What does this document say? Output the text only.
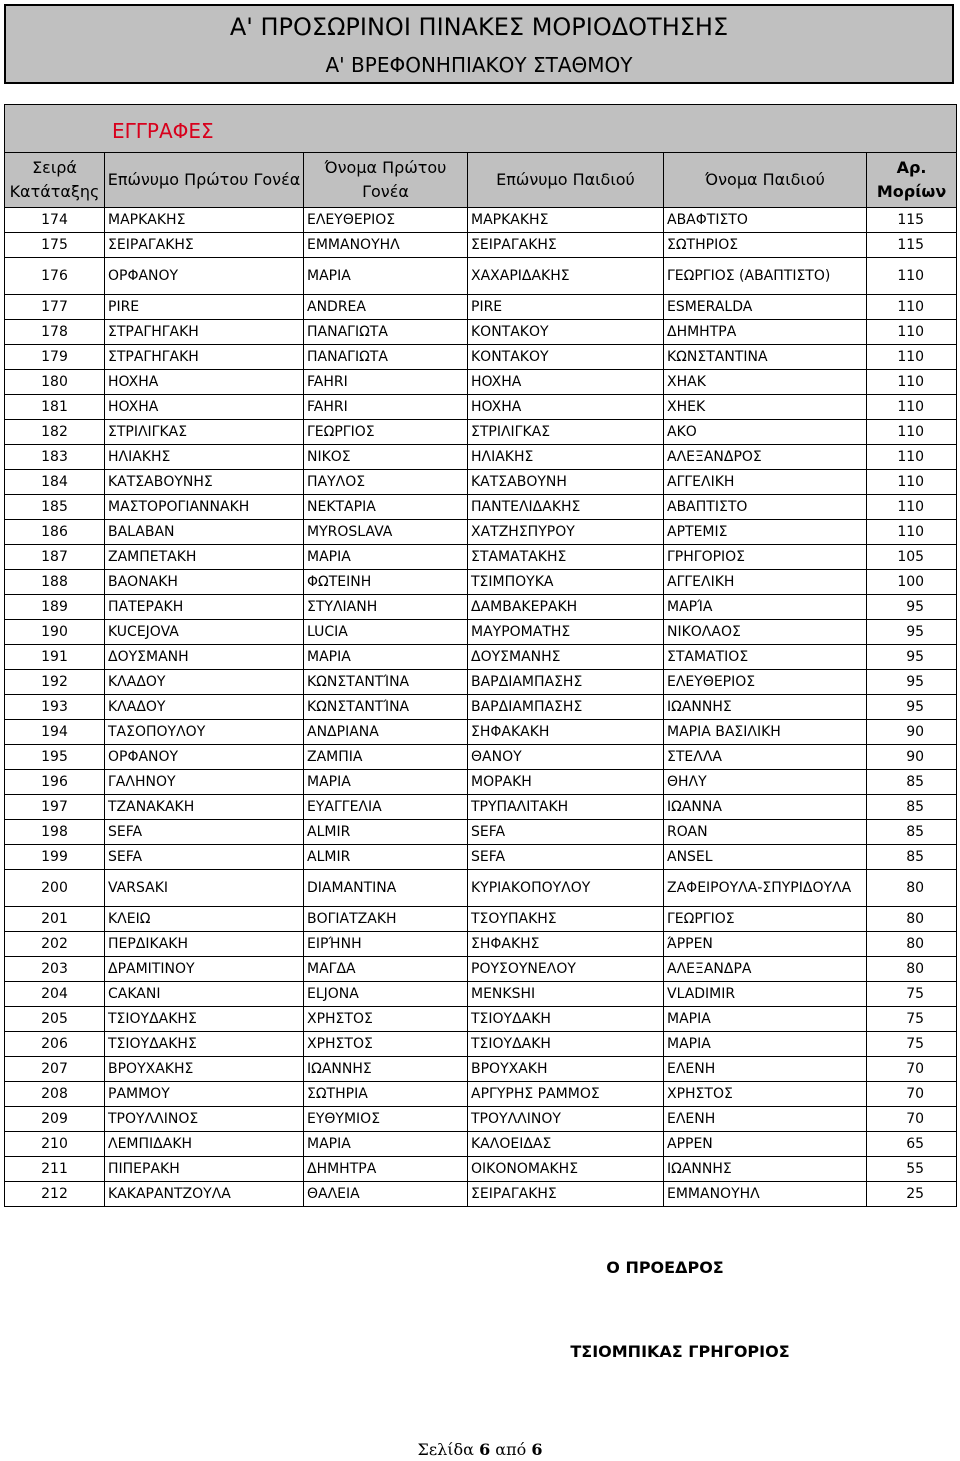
Α' ΠΡΟΣΩΡΙΝΟΙ ΠΙΝΑΚΕΣ ΜΟΡΙΟΔΟΤΗΣΗΣ
Α' ΒΡΕΦΟΝΗΠΙΑΚΟΥ ΣΤΑΘΜΟΥ
ΕΓΓΡΑΦΕΣ					
Σειρά Κατάταξης	Επώνυμο Πρώτου Γονέα	Όνομα Πρώτου Γονέα	Επώνυμο Παιδιού	Όνομα Παιδιού	Αρ. Μορίων
174	ΜΑΡΚΑΚΗΣ	ΕΛΕΥΘΕΡΙΟΣ	ΜΑΡΚΑΚΗΣ	ΑΒΑΦΤΙΣΤΟ	115
175	ΣΕΙΡΑΓΑΚΗΣ	ΕΜΜΑΝΟΥΗΛ	ΣΕΙΡΑΓΑΚΗΣ	ΣΩΤΗΡΙΟΣ	115
176	ΟΡΦΑΝΟΥ	ΜΑΡΙΑ	ΧΑΧΑΡΙΔΑΚΗΣ	ΓΕΩΡΓΙΟΣ (ΑΒΑΠΤΙΣΤΟ)	110
177	PIRE	ANDREA	PIRE	ESMERALDA	110
178	ΣΤΡΑΓΗΓΑΚΗ	ΠΑΝΑΓΙΩΤΑ	ΚΟΝΤΑΚΟΥ	ΔΗΜΗΤΡΑ	110
179	ΣΤΡΑΓΗΓΑΚΗ	ΠΑΝΑΓΙΩΤΑ	ΚΟΝΤΑΚΟΥ	ΚΩΝΣΤΑΝΤΙΝΑ	110
180	HOXHA	FAHRI	HOXHA	XHAK	110
181	HOXHA	FAHRI	HOXHA	XHEK	110
182	ΣΤΡΙΛΙΓΚΑΣ	ΓΕΩΡΓΙΟΣ	ΣΤΡΙΛΙΓΚΑΣ	ΑΚΟ	110
183	ΗΛΙΑΚΗΣ	ΝΙΚΟΣ	ΗΛΙΑΚΗΣ	ΑΛΕΞΑΝΔΡΟΣ	110
184	ΚΑΤΣΑΒΟΥΝΗΣ	ΠΑΥΛΟΣ	ΚΑΤΣΑΒΟΥΝΗ	ΑΓΓΕΛΙΚΗ	110
185	ΜΑΣΤΟΡΟΓΙΑΝΝΑΚΗ	ΝΕΚΤΑΡΙΑ	ΠΑΝΤΕΛΙΔΑΚΗΣ	ΑΒΑΠΤΙΣΤΟ	110
186	BALABAN	MYROSLAVA	ΧΑΤΖΗΣΠΥΡΟΥ	ΑΡΤΕΜΙΣ	110
187	ΖΑΜΠΕΤΑΚΗ	ΜΑΡΙΑ	ΣΤΑΜΑΤΑΚΗΣ	ΓΡΗΓΟΡΙΟΣ	105
188	ΒΑΟΝΑΚΗ	ΦΩΤΕΙΝΗ	ΤΣΙΜΠΟΥΚΑ	ΑΓΓΕΛΙΚΗ	100
189	ΠΑΤΕΡΑΚΗ	ΣΤΥΛΙΑΝΗ	ΔΑΜΒΑΚΕΡΑΚΗ	ΜΑΡΊΑ	95
190	KUCEJOVA	LUCIA	ΜΑΥΡΟΜΑΤΗΣ	ΝΙΚΟΛΑΟΣ	95
191	ΔΟΥΣΜΑΝΗ	ΜΑΡΙΑ	ΔΟΥΣΜΑΝΗΣ	ΣΤΑΜΑΤΙΟΣ	95
192	ΚΛΑΔΟΥ	ΚΩΝΣΤΑΝΤΊΝΑ	ΒΑΡΔΙΑΜΠΑΣΗΣ	ΕΛΕΥΘΕΡΙΟΣ	95
193	ΚΛΑΔΟΥ	ΚΩΝΣΤΑΝΤΊΝΑ	ΒΑΡΔΙΑΜΠΑΣΗΣ	ΙΩΑΝΝΗΣ	95
194	ΤΑΣΟΠΟΥΛΟΥ	ΑΝΔΡΙΑΝΑ	ΣΗΦΑΚΑΚΗ	ΜΑΡΙΑ ΒΑΣΙΛΙΚΗ	90
195	ΟΡΦΑΝΟΥ	ΖΑΜΠΙΑ	ΘΑΝΟΥ	ΣΤΕΛΛΑ	90
196	ΓΑΛΗΝΟΥ	ΜΑΡΙΑ	ΜΟΡΑΚΗ	ΘΗΛΥ	85
197	ΤΖΑΝΑΚΑΚΗ	ΕΥΑΓΓΕΛΙΑ	ΤΡΥΠΑΛΙΤΑΚΗ	ΙΩΑΝΝΑ	85
198	SEFA	ALMIR	SEFA	ROAN	85
199	SEFA	ALMIR	SEFA	ANSEL	85
200	VARSAKI	DIAMANTINA	ΚΥΡΙΑΚΟΠΟΥΛΟΥ	ΖΑΦΕΙΡΟΥΛΑ-ΣΠΥΡΙΔΟΥΛΑ	80
201	ΚΛΕΙΩ	ΒΟΓΙΑΤΖΑΚΗ	ΤΣΟΥΠΑΚΗΣ	ΓΕΩΡΓΙΟΣ	80
202	ΠΕΡΔΙΚΑΚΗ	ΕΙΡΉΝΗ	ΣΗΦΑΚΗΣ	ΆΡΡΕΝ	80
203	ΔΡΑΜΙΤΙΝΟΥ	ΜΑΓΔΑ	ΡΟΥΣΟΥΝΕΛΟΥ	ΑΛΕΞΑΝΔΡΑ	80
204	CAKANI	ELJONA	MENKSHI	VLADIMIR	75
205	ΤΣΙΟΥΔΑΚΗΣ	ΧΡΗΣΤΟΣ	ΤΣΙΟΥΔΑΚΗ	ΜΑΡΙΑ	75
206	ΤΣΙΟΥΔΑΚΗΣ	ΧΡΗΣΤΟΣ	ΤΣΙΟΥΔΑΚΗ	ΜΑΡΙΑ	75
207	ΒΡΟΥΧΑΚΗΣ	ΙΩΑΝΝΗΣ	ΒΡΟΥΧΑΚΗ	ΕΛΕΝΗ	70
208	ΡΑΜΜΟΥ	ΣΩΤΗΡΙΑ	ΑΡΓΥΡΗΣ ΡΑΜΜΟΣ	ΧΡΗΣΤΟΣ	70
209	ΤΡΟΥΛΛΙΝΟΣ	ΕΥΘΥΜΙΟΣ	ΤΡΟΥΛΛΙΝΟΥ	ΕΛΕΝΗ	70
210	ΛΕΜΠΙΔΑΚΗ	ΜΑΡΙΑ	ΚΑΛΟΕΙΔΑΣ	ΑΡΡΕΝ	65
211	ΠΙΠΕΡΑΚΗ	ΔΗΜΗΤΡΑ	ΟΙΚΟΝΟΜΑΚΗΣ	ΙΩΑΝΝΗΣ	55
212	ΚΑΚΑΡΑΝΤΖΟΥΛΑ	ΘΑΛΕΙΑ	ΣΕΙΡΑΓΑΚΗΣ	ΕΜΜΑΝΟΥΗΛ	25
Ο ΠΡΟΕΔΡΟΣ
ΤΣΙΟΜΠΙΚΑΣ ΓΡΗΓΟΡΙΟΣ
Σελίδα 6 από 6
